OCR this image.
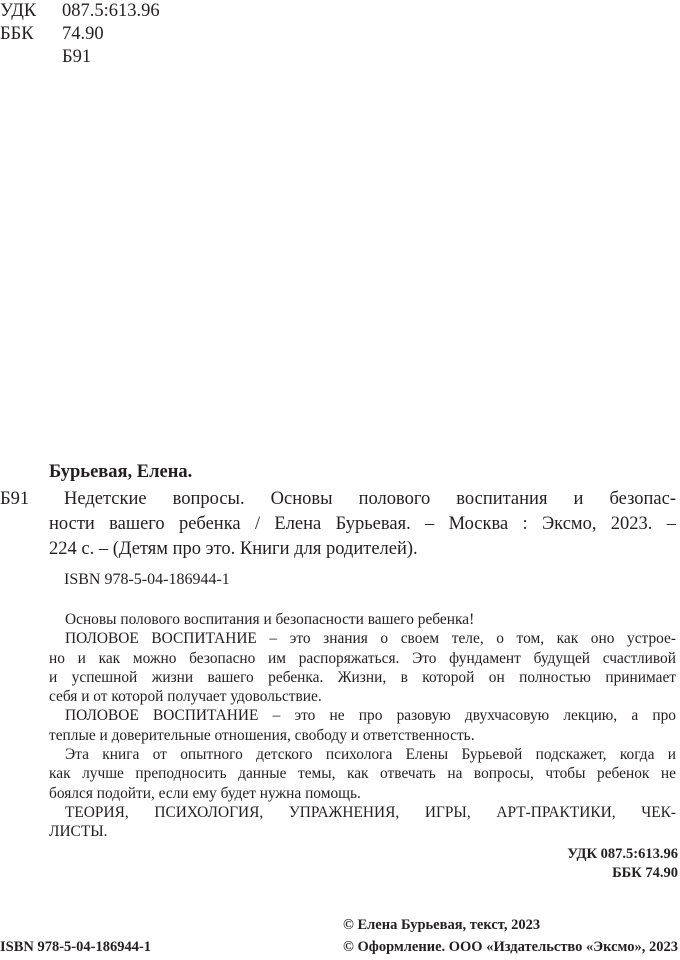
УДК 087.5:613.96
ББК 74.90
Б91
Бурьевая, Елена.
Б91 Недетские вопросы. Основы полового воспитания и безопас-
ности вашего ребенка / Елена Бурьевая. – Москва : Эксмо, 2023. –
224 с. – (Детям про это. Книги для родителей).
ISBN 978-5-04-186944-1
Основы полового воспитания и безопасности вашего ребенка!
ПОЛОВОЕ ВОСПИТАНИЕ – это знания о своем теле, о том, как оно устрое-
но и как можно безопасно им распоряжаться. Это фундамент будущей счастливой
и успешной жизни вашего ребенка. Жизни, в которой он полностью принимает
себя и от которой получает удовольствие.
ПОЛОВОЕ ВОСПИТАНИЕ – это не про разовую двухчасовую лекцию, а про
теплые и доверительные отношения, свободу и ответственность.
Эта книга от опытного детского психолога Елены Бурьевой подскажет, когда и
как лучше преподносить данные темы, как отвечать на вопросы, чтобы ребенок не
боялся подойти, если ему будет нужна помощь.
ТЕОРИЯ, ПСИХОЛОГИЯ, УПРАЖНЕНИЯ, ИГРЫ, АРТ-ПРАКТИКИ, ЧЕК-
ЛИСТЫ.
УДК 087.5:613.96
ББК 74.90
ISBN 978-5-04-186944-1
© Елена Бурьевая, текст, 2023
© Оформление. ООО «Издательство «Эксмо», 2023
